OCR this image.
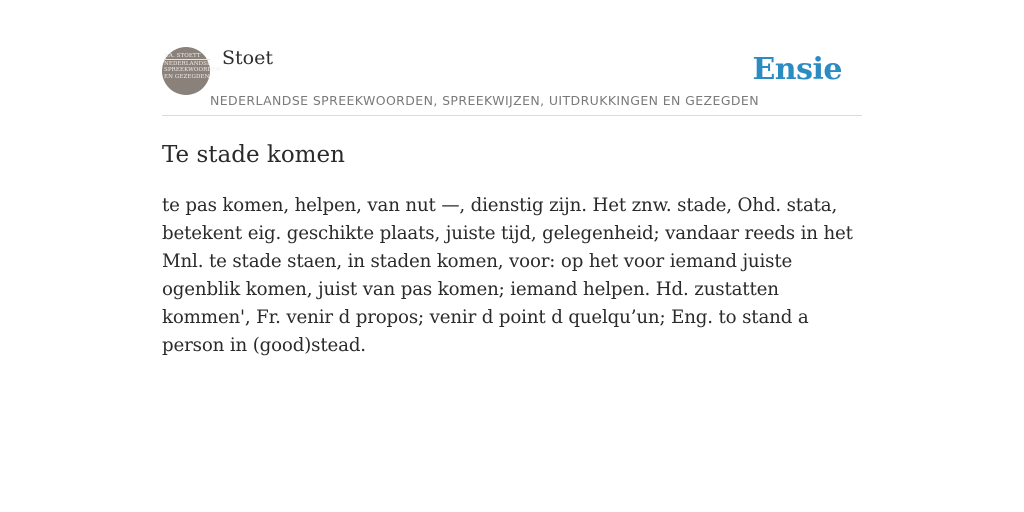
F.A. STOETT
NEDERLANDSE SPREEKWOORDEN EN GEZEGDEN
Stoet	Ensie
NEDERLANDSE SPREEKWOORDEN, SPREEKWIJZEN, UITDRUKKINGEN EN GEZEGDEN
Te stade komen

te pas komen, helpen, van nut —, dienstig zijn. Het znw. stade, Ohd. stata, betekent eig. geschikte plaats, juiste tijd, gelegenheid; vandaar reeds in het Mnl. te stade staen, in staden komen, voor: op het voor iemand juiste ogenblik komen, juist van pas komen; iemand helpen. Hd. zustatten kommen', Fr. venir d propos; venir d point d quelqu’un; Eng. to stand a person in (good)stead.
